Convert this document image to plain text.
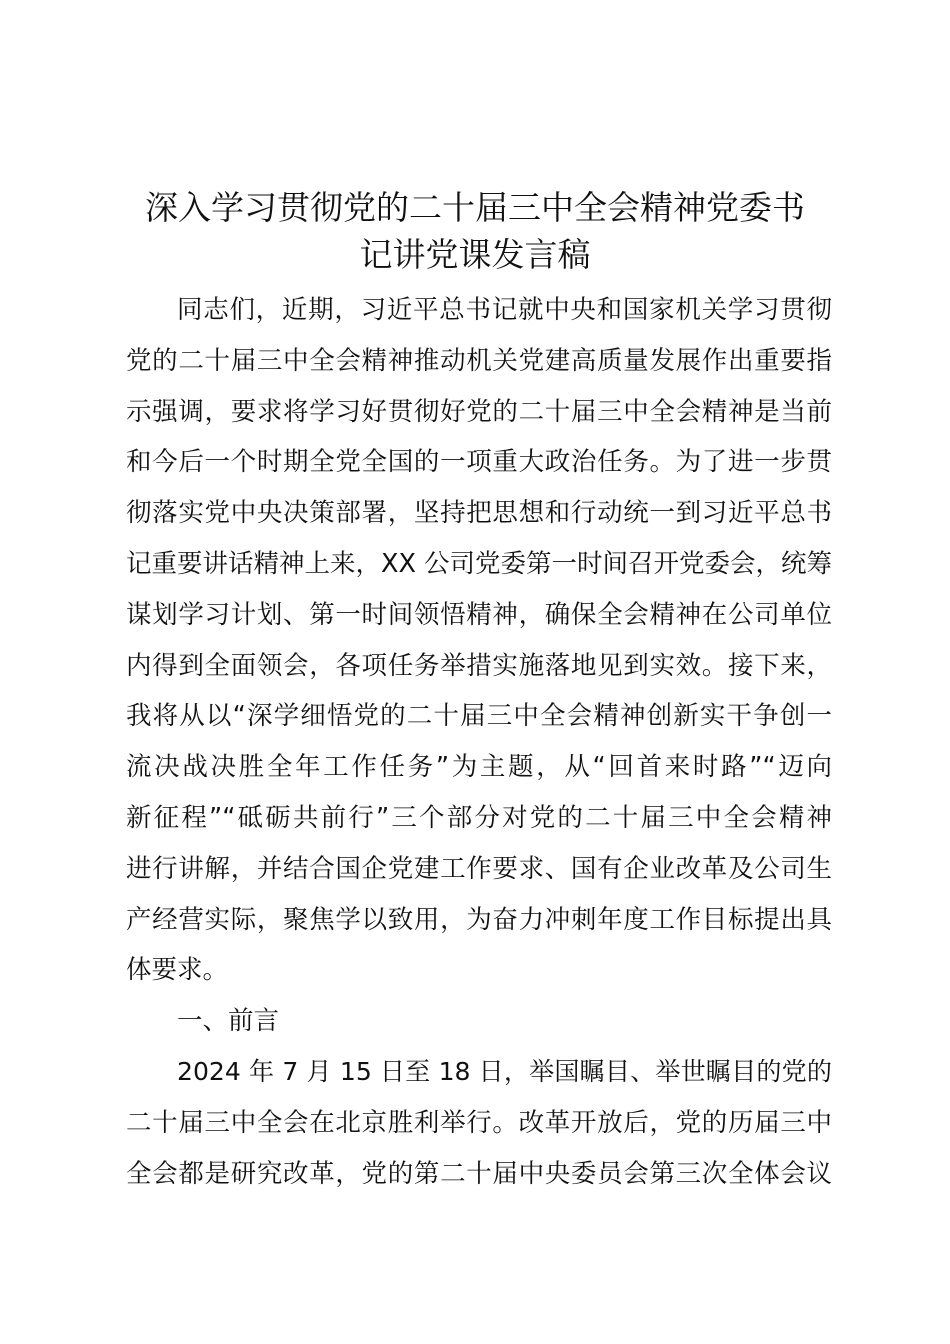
深入学习贯彻党的二十届三中全会精神党委书
记讲党课发言稿
同志们，近期，习近平总书记就中央和国家机关学习贯彻
党的二十届三中全会精神推动机关党建高质量发展作出重要指
示强调，要求将学习好贯彻好党的二十届三中全会精神是当前
和今后一个时期全党全国的一项重大政治任务。为了进一步贯
彻落实党中央决策部署，坚持把思想和行动统一到习近平总书
记重要讲话精神上来，XX 公司党委第一时间召开党委会，统筹
谋划学习计划、第一时间领悟精神，确保全会精神在公司单位
内得到全面领会，各项任务举措实施落地见到实效。接下来，
我将从以“深学细悟党的二十届三中全会精神创新实干争创一
流决战决胜全年工作任务”为主题，从“回首来时路”“迈向
新征程”“砥砺共前行”三个部分对党的二十届三中全会精神
进行讲解，并结合国企党建工作要求、国有企业改革及公司生
产经营实际，聚焦学以致用，为奋力冲刺年度工作目标提出具
体要求。
一、前言
2024 年 7 月 15 日至 18 日，举国瞩目、举世瞩目的党的
二十届三中全会在北京胜利举行。改革开放后，党的历届三中
全会都是研究改革，党的第二十届中央委员会第三次全体会议
